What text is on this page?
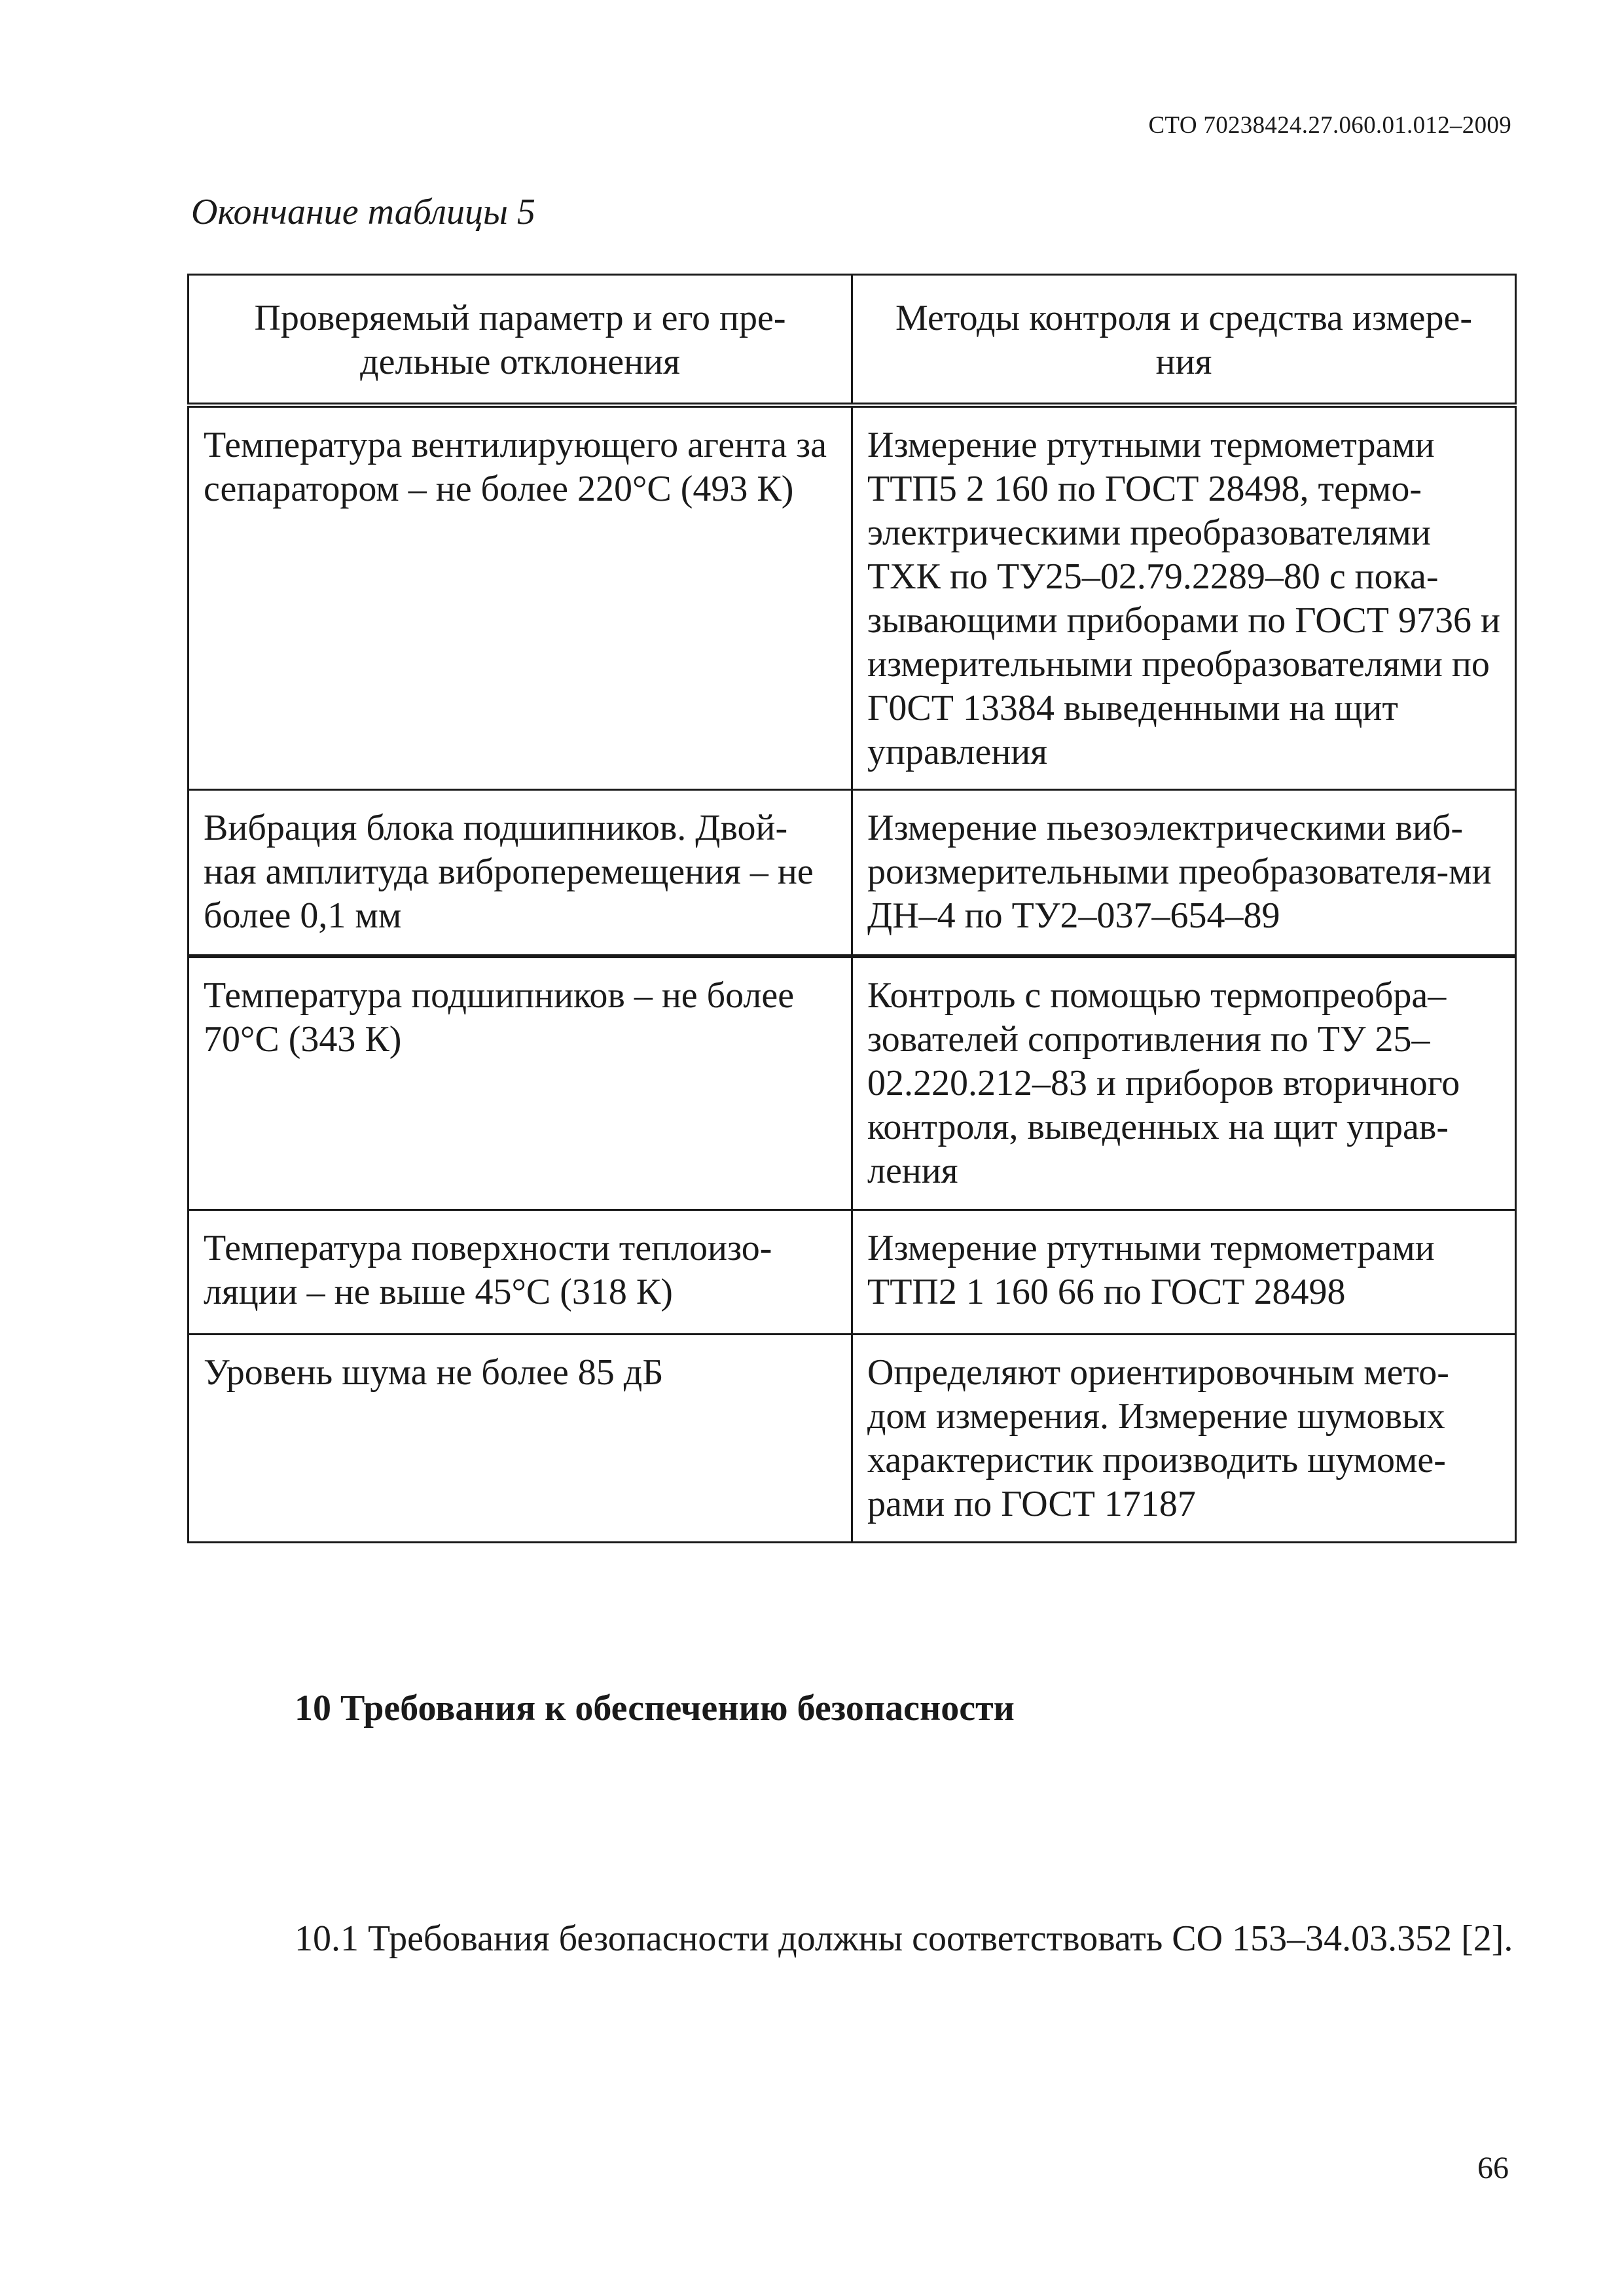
СТО 70238424.27.060.01.012–2009
Окончание таблицы 5
Проверяемый параметр и его пре-дельные отклонения	Методы контроля и средства измере-ния
Температура вентилирующего агента за сепаратором – не более 220°С (493 К)	Измерение ртутными термометрами ТТП5 2 160 по ГОСТ 28498, термо-электрическими преобразователями ТХК по ТУ25–02.79.2289–80 с пока-зывающими приборами по ГОСТ 9736 и измерительными преобразователями по Г0СТ 13384 выведенными на щит управления
Вибрация блока подшипников. Двой-ная амплитуда виброперемещения – не более 0,1 мм	Измерение пьезоэлектрическими виб-роизмерительными преобразователя-ми ДН–4 по ТУ2–037–654–89
Температура подшипников – не более 70°С (343 К)	Контроль с помощью термопреобра–зователей сопротивления по ТУ 25–02.220.212–83 и приборов вторичного контроля, выведенных на щит управ-ления
Температура поверхности теплоизо-ляции – не выше 45°С (318 К)	Измерение ртутными термометрами ТТП2 1 160 66 по ГОСТ 28498
Уровень шума не более 85 дБ	Определяют ориентировочным мето-дом измерения. Измерение шумовых характеристик производить шумоме-рами по ГОСТ 17187
10 Требования к обеспечению безопасности
10.1 Требования безопасности должны соответствовать СО 153–34.03.352 [2].
66
